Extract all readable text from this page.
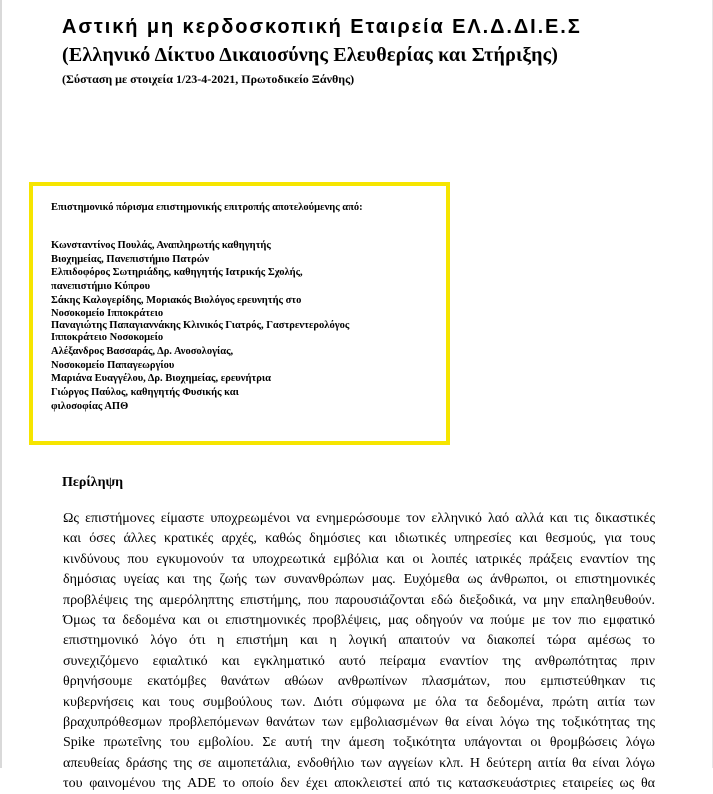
Αστική μη κερδοσκοπική Εταιρεία ΕΛ.Δ.ΔΙ.Ε.Σ
(Ελληνικό Δίκτυο Δικαιοσύνης Ελευθερίας και Στήριξης)
(Σύσταση με στοιχεία 1/23-4-2021, Πρωτοδικείο Ξάνθης)
Επιστημονικό πόρισμα επιστημονικής επιτροπής αποτελούμενης από:
Κωνσταντίνος Πουλάς, Αναπληρωτής καθηγητής
Βιοχημείας, Πανεπιστήμιο Πατρών
Ελπιδοφόρος Σωτηριάδης, καθηγητής Ιατρικής Σχολής,
πανεπιστήμιο Κύπρου
Σάκης Καλογερίδης, Μοριακός Βιολόγος ερευνητής στο
Νοσοκομείο Ιπποκράτειο
Παναγιώτης Παπαγιαννάκης Κλινικός Γιατρός, Γαστρεντερολόγος
Ιπποκράτειο Νοσοκομείο
Αλέξανδρος Βασσαράς, Δρ. Ανοσολογίας,
Νοσοκομείο Παπαγεωργίου
Μαριάνα Ευαγγέλου, Δρ. Βιοχημείας, ερευνήτρια
Γιώργος Παύλος, καθηγητής Φυσικής και
φιλοσοφίας ΑΠΘ
Περίληψη
Ως επιστήμονες είμαστε υποχρεωμένοι να ενημερώσουμε τον ελληνικό λαό αλλά και τις δικαστικές
και όσες άλλες κρατικές αρχές, καθώς δημόσιες και ιδιωτικές υπηρεσίες και θεσμούς, για τους
κινδύνους που εγκυμονούν τα υποχρεωτικά εμβόλια και οι λοιπές ιατρικές πράξεις εναντίον της
δημόσιας υγείας και της ζωής των συνανθρώπων μας. Ευχόμεθα ως άνθρωποι, οι επιστημονικές
προβλέψεις της αμερόληπτης επιστήμης, που παρουσιάζονται εδώ διεξοδικά, να μην επαληθευθούν.
Όμως τα δεδομένα και οι επιστημονικές προβλέψεις, μας οδηγούν να πούμε με τον πιο εμφατικό
επιστημονικό λόγο ότι η επιστήμη και η λογική απαιτούν να διακοπεί τώρα αμέσως το
συνεχιζόμενο εφιαλτικό και εγκληματικό αυτό πείραμα εναντίον της ανθρωπότητας πριν
θρηνήσουμε εκατόμβες θανάτων αθώων ανθρωπίνων πλασμάτων, που εμπιστεύθηκαν τις
κυβερνήσεις και τους συμβούλους των. Διότι σύμφωνα με όλα τα δεδομένα, πρώτη αιτία των
βραχυπρόθεσμων προβλεπόμενων θανάτων των εμβολιασμένων θα είναι λόγω της τοξικότητας της
Spike πρωτεΐνης του εμβολίου. Σε αυτή την άμεση τοξικότητα υπάγονται οι θρομβώσεις λόγω
απευθείας δράσης της σε αιμοπετάλια, ενδοθήλιο των αγγείων κλπ. Η δεύτερη αιτία θα είναι λόγω
του φαινομένου της ADE το οποίο δεν έχει αποκλειστεί από τις κατασκευάστριες εταιρείες ως θα
